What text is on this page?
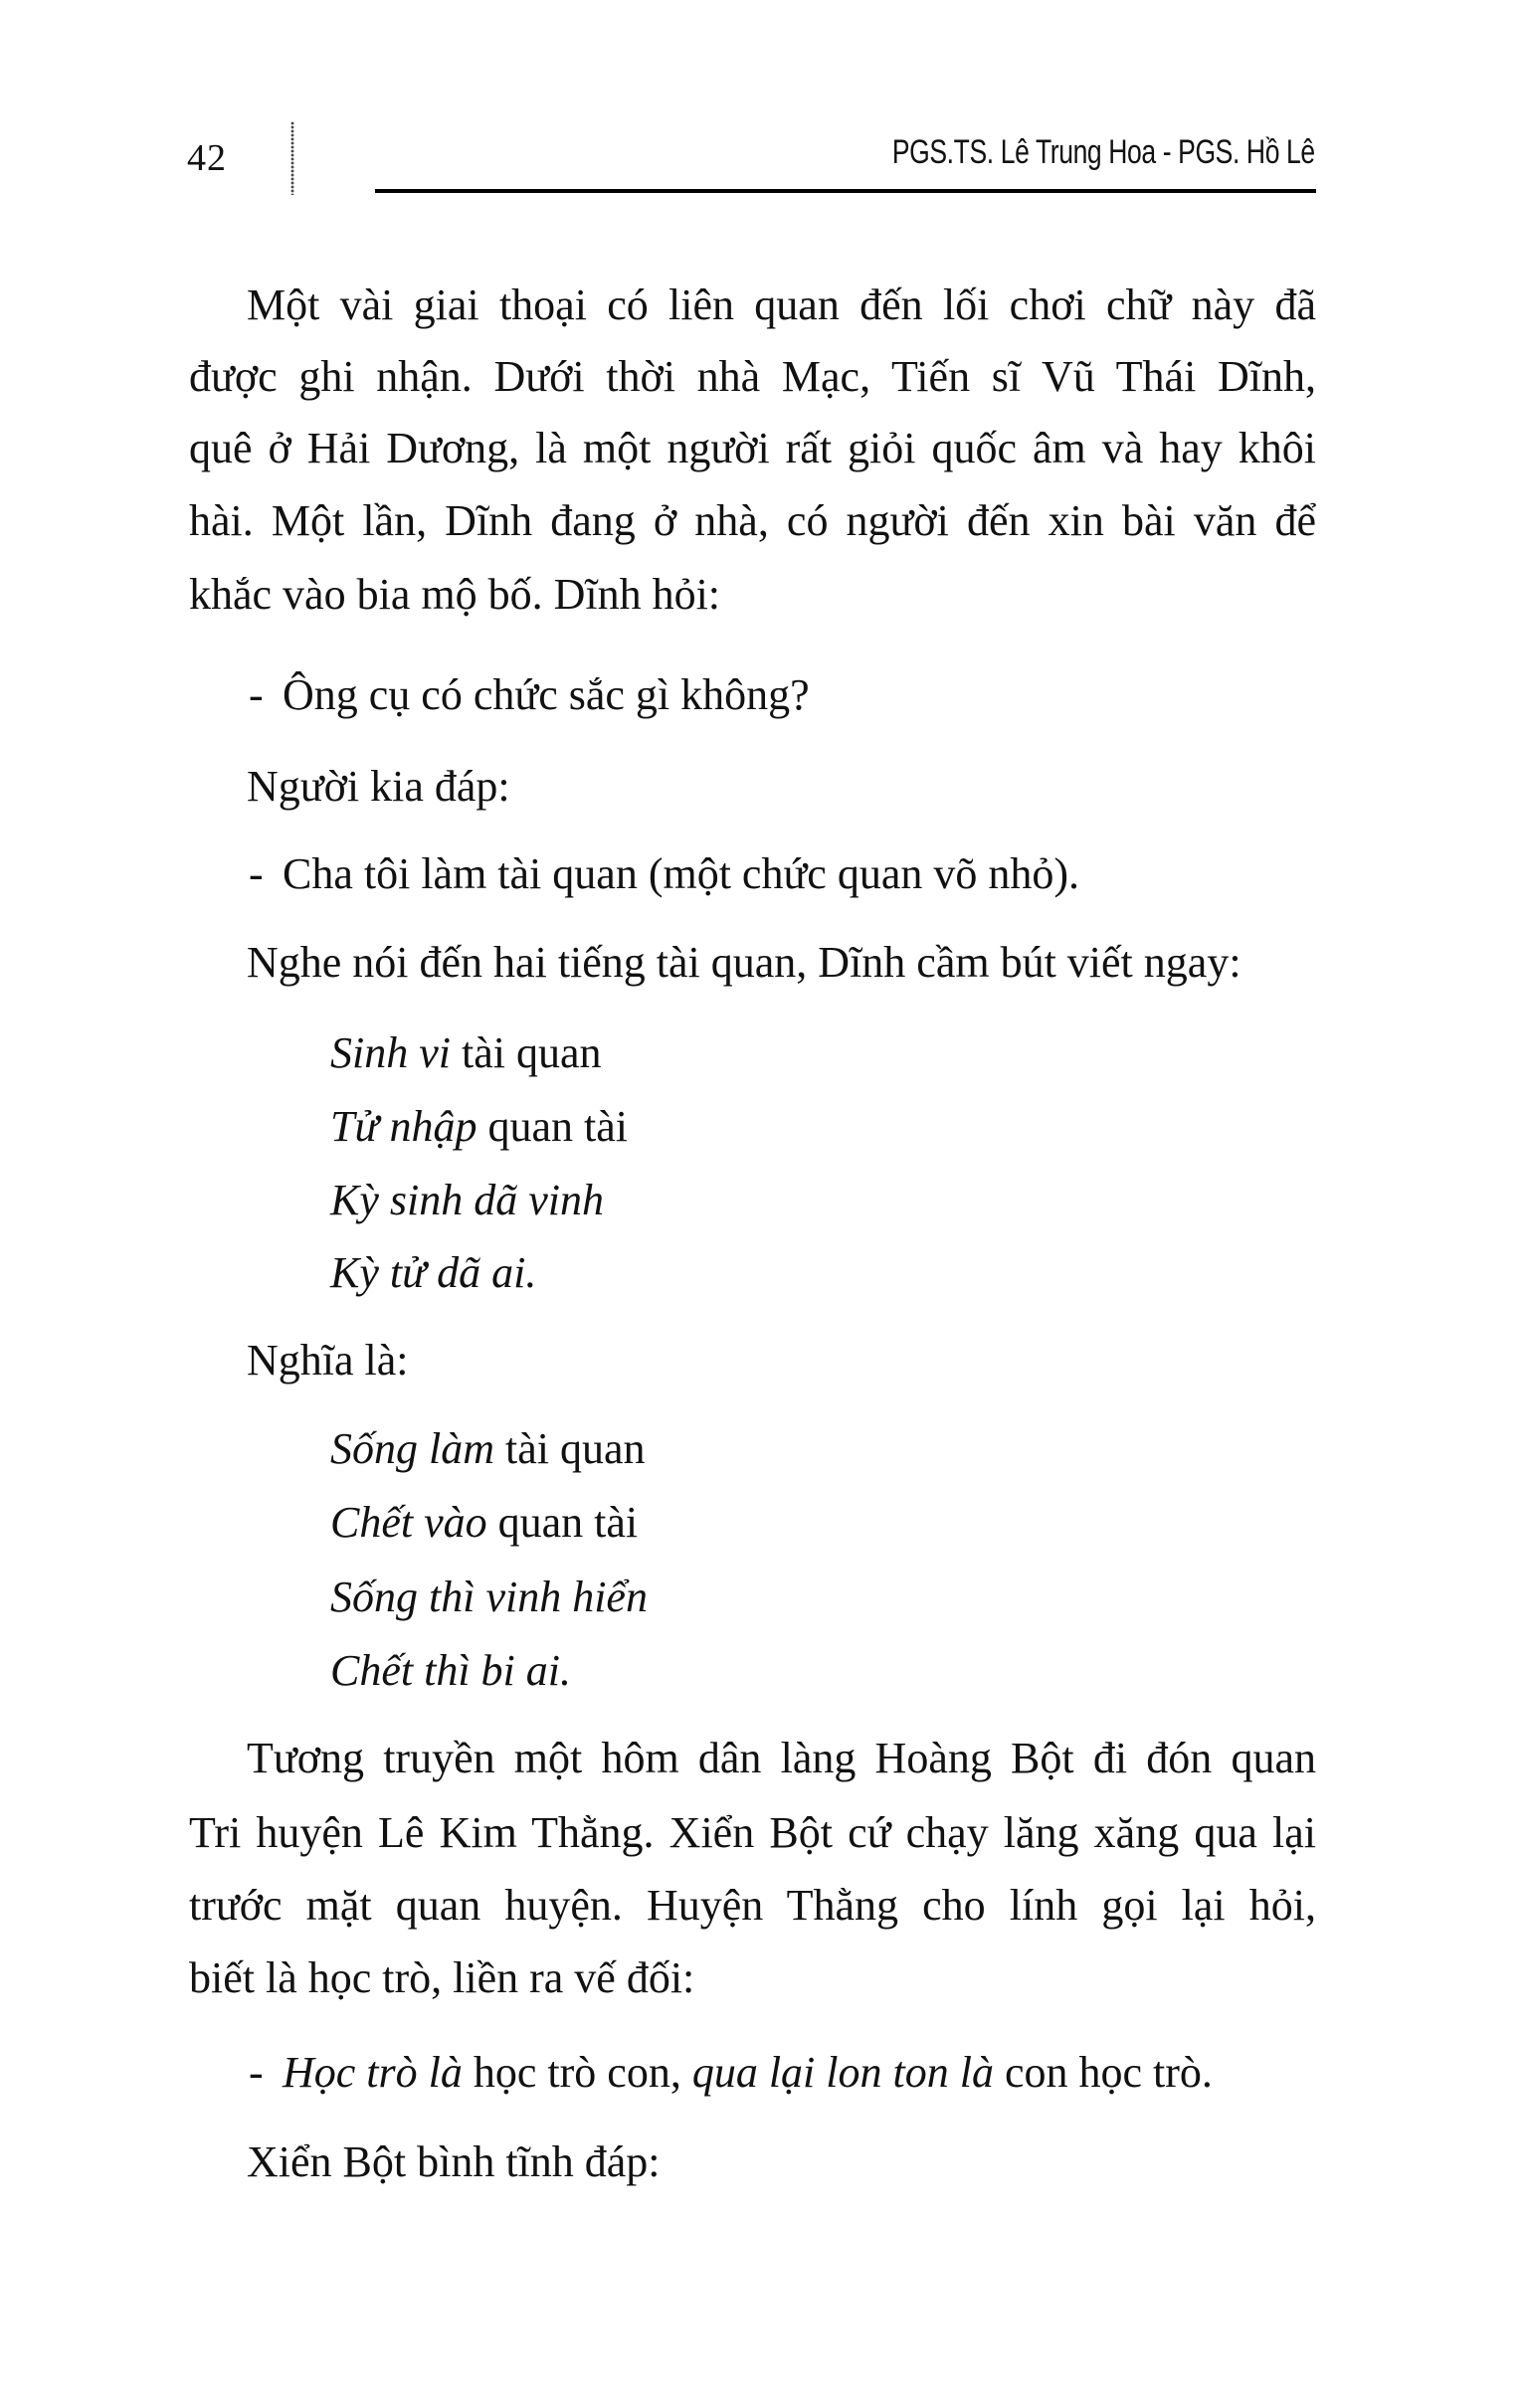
42	PGS.TS. Lê Trung Hoa - PGS. Hồ Lê
Một vài giai thoại có liên quan đến lối chơi chữ này đã
được ghi nhận. Dưới thời nhà Mạc, Tiến sĩ Vũ Thái Dĩnh,
quê ở Hải Dương, là một người rất giỏi quốc âm và hay khôi
hài. Một lần, Dĩnh đang ở nhà, có người đến xin bài văn để
khắc vào bia mộ bố. Dĩnh hỏi:
- Ông cụ có chức sắc gì không?
Người kia đáp:
- Cha tôi làm tài quan (một chức quan võ nhỏ).
Nghe nói đến hai tiếng tài quan, Dĩnh cầm bút viết ngay:
Sinh vi tài quan
Tử nhập quan tài
Kỳ sinh dã vinh
Kỳ tử dã ai.
Nghĩa là:
Sống làm tài quan
Chết vào quan tài
Sống thì vinh hiển
Chết thì bi ai.
Tương truyền một hôm dân làng Hoàng Bột đi đón quan
Tri huyện Lê Kim Thằng. Xiển Bột cứ chạy lăng xăng qua lại
trước mặt quan huyện. Huyện Thằng cho lính gọi lại hỏi,
biết là học trò, liền ra vế đối:
- Học trò là học trò con, qua lại lon ton là con học trò.
Xiển Bột bình tĩnh đáp:
